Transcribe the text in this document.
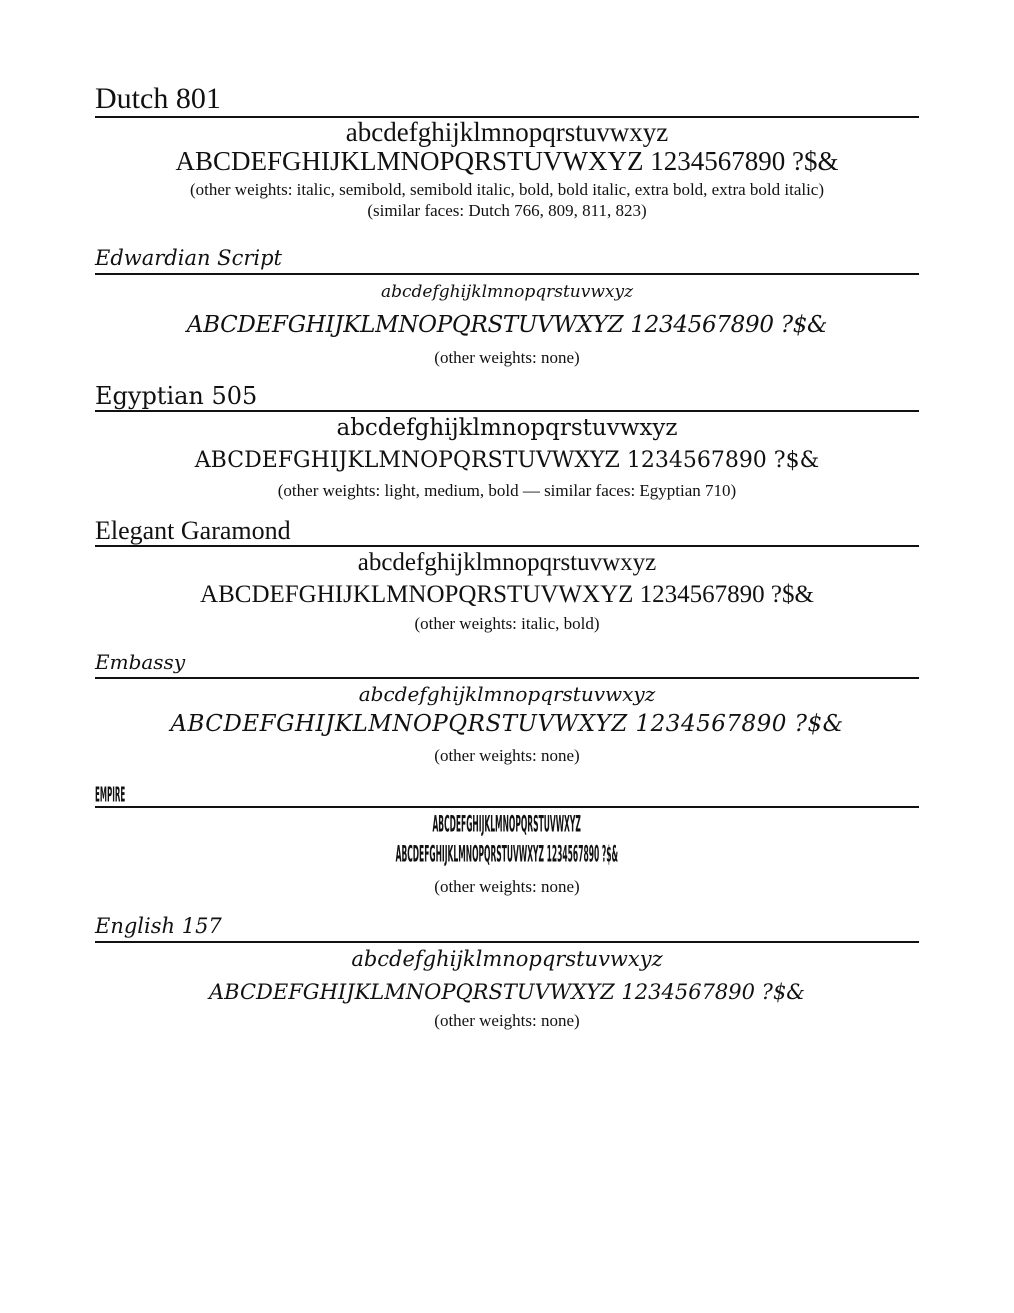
Dutch 801
abcdefghijklmnopqrstuvwxyz
ABCDEFGHIJKLMNOPQRSTUVWXYZ 1234567890 ?$&
(other weights: italic, semibold, semibold italic, bold, bold italic, extra bold, extra bold italic)
(similar faces: Dutch 766, 809, 811, 823)
Edwardian Script
abcdefghijklmnopqrstuvwxyz
ABCDEFGHIJKLMNOPQRSTUVWXYZ 1234567890 ?$&
(other weights: none)
Egyptian 505
abcdefghijklmnopqrstuvwxyz
ABCDEFGHIJKLMNOPQRSTUVWXYZ 1234567890 ?$&
(other weights: light, medium, bold — similar faces: Egyptian 710)
Elegant Garamond
abcdefghijklmnopqrstuvwxyz
ABCDEFGHIJKLMNOPQRSTUVWXYZ 1234567890 ?$&
(other weights: italic, bold)
Embassy
abcdefghijklmnopqrstuvwxyz
ABCDEFGHIJKLMNOPQRSTUVWXYZ 1234567890 ?$&
(other weights: none)
EMPIRE
ABCDEFGHIJKLMNOPQRSTUVWXYZ
ABCDEFGHIJKLMNOPQRSTUVWXYZ 1234567890 ?$&
(other weights: none)
English 157
abcdefghijklmnopqrstuvwxyz
ABCDEFGHIJKLMNOPQRSTUVWXYZ 1234567890 ?$&
(other weights: none)
